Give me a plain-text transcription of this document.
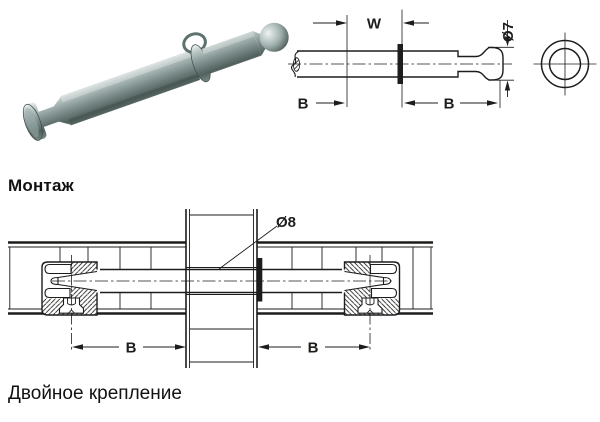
Монтаж
Двойное крепление
W
B	B
Ø7
Ø8
B	B
